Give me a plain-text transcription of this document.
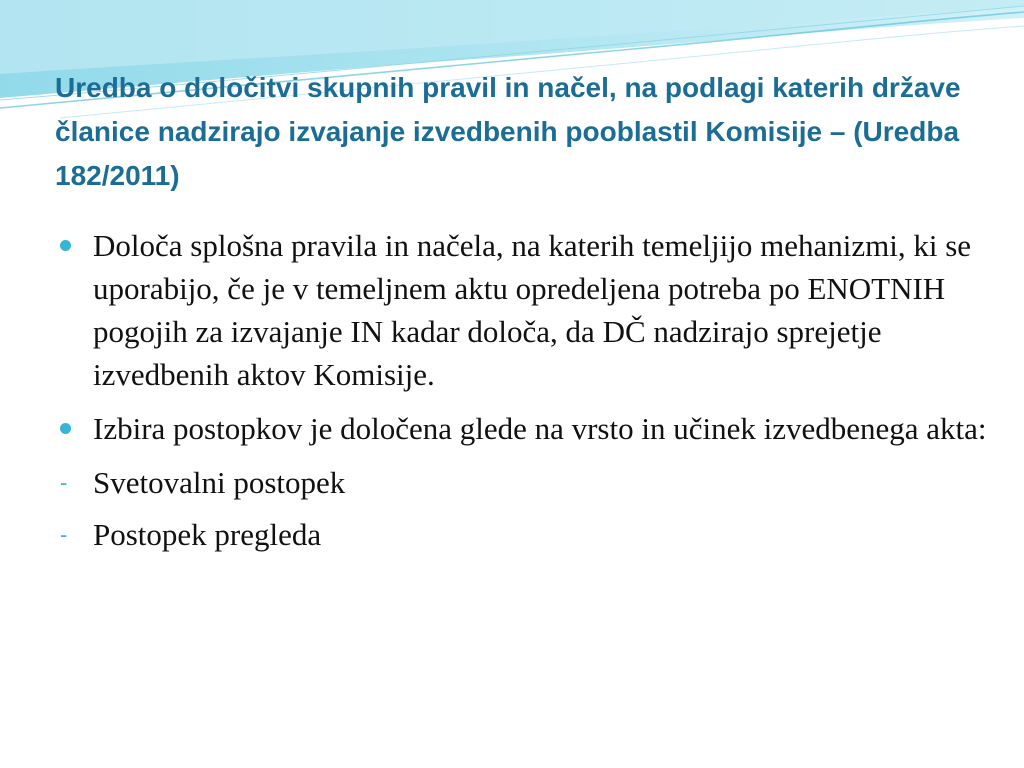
Uredba o določitvi skupnih pravil in načel, na podlagi katerih države članice nadzirajo izvajanje izvedbenih pooblastil Komisije – (Uredba 182/2011)
Določa splošna pravila in načela, na katerih temeljijo mehanizmi, ki se uporabijo, če je v temeljnem aktu opredeljena potreba po ENOTNIH pogojih za izvajanje IN kadar določa, da DČ nadzirajo sprejetje izvedbenih aktov Komisije.
Izbira postopkov je določena glede na vrsto in učinek izvedbenega akta:
- Svetovalni postopek
- Postopek pregleda
